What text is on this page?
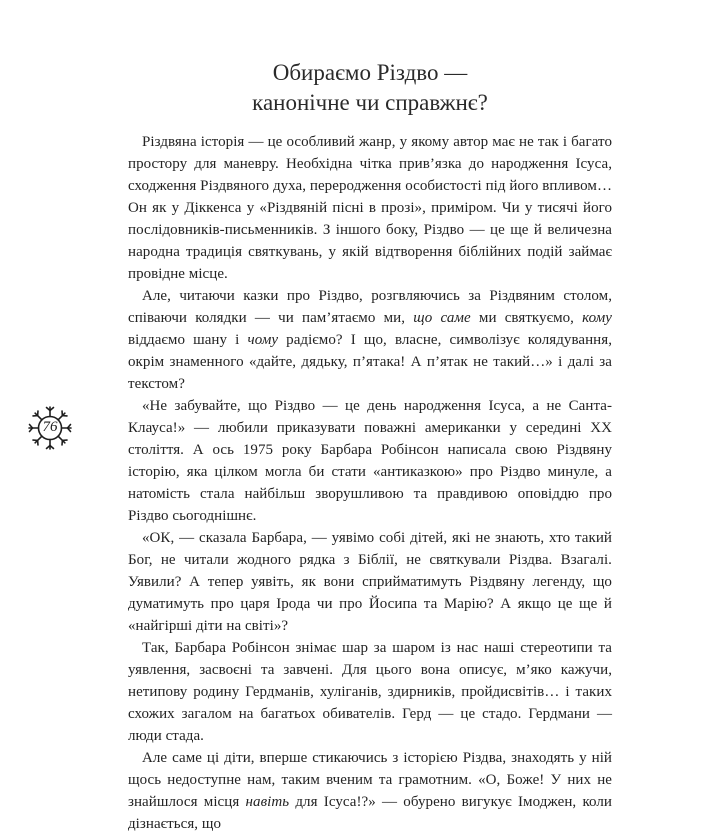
Обираємо Різдво —
канонічне чи справжнє?

Різдвяна історія — це особливий жанр, у якому автор має не так і багато простору для маневру. Необхідна чітка прив’язка до народження Ісуса, сходження Різдвяного духа, переродження особистості під його впливом… Он як у Діккенса у «Різдвяній пісні в прозі», приміром. Чи у тисячі його послідовників-письменників. З іншого боку, Різдво — це ще й величезна народна традиція святкувань, у якій відтворення біблійних подій займає провідне місце.

Але, читаючи казки про Різдво, розгвляючись за Різдвяним столом, співаючи колядки — чи пам’ятаємо ми, що саме ми святкуємо, кому віддаємо шану і чому радіємо? І що, власне, символізує колядування, окрім знаменного «дайте, дядьку, п’ятака! А п’ятак не такий…» і далі за текстом?

«Не забувайте, що Різдво — це день народження Ісуса, а не Санта-Клауса!» — любили приказувати поважні американки у середині XX століття. А ось 1975 року Барбара Робінсон написала свою Різдвяну історію, яка цілком могла би стати «антиказкою» про Різдво минуле, а натомість стала найбільш зворушливою та правдивою оповіддю про Різдво сьогоднішнє.

«ОК, — сказала Барбара, — уявімо собі дітей, які не знають, хто такий Бог, не читали жодного рядка з Біблії, не святкували Різдва. Взагалі. Уявили? А тепер уявіть, як вони сприйматимуть Різдвяну легенду, що думатимуть про царя Ірода чи про Йосипа та Марію? А якщо це ще й «найгірші діти на світі»?

Так, Барбара Робінсон знімає шар за шаром із нас наші стереотипи та уявлення, засвоєні та завчені. Для цього вона описує, м’яко кажучи, нетипову родину Гердманів, хуліганів, здирників, пройдисвітів… і таких схожих загалом на багатьох обивателів. Герд — це стадо. Гердмани — люди стада.

Але саме ці діти, вперше стикаючись з історією Різдва, знаходять у ній щось недоступне нам, таким вченим та грамотним. «О, Боже! У них не знайшлося місця навіть для Ісуса!?» — обурено вигукує Імоджен, коли дізнається, що

76
